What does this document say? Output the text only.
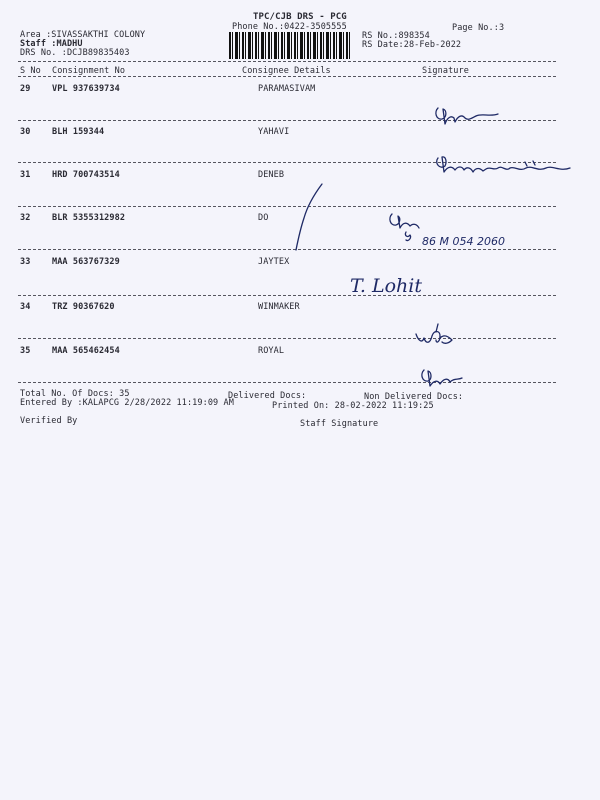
TPC/CJB DRS - PCG
Phone No.:0422-3505555	Page No.:3
Area :SIVASSAKTHI COLONY
Staff :MADHU
DRS No. :DCJB89835403
RS No.:898354
RS Date:28-Feb-2022
S No Consignment No	Consignee Details	Signature
29	VPL 937639734	PARAMASIVAM
30	BLH 159344	YAHAVI
31	HRD 700743514	DENEB
32	BLR 5355312982	DO
33	MAA 563767329	JAYTEX
34	TRZ 90367620	WINMAKER
35	MAA 565462454	ROYAL
Total No. Of Docs: 35	Delivered Docs:	Non Delivered Docs:
Entered By :KALAPCG 2/28/2022 11:19:09 AM	Printed On: 28-02-2022 11:19:25
Verified By	Staff Signature
86 M 054 2060
T. Lohit
